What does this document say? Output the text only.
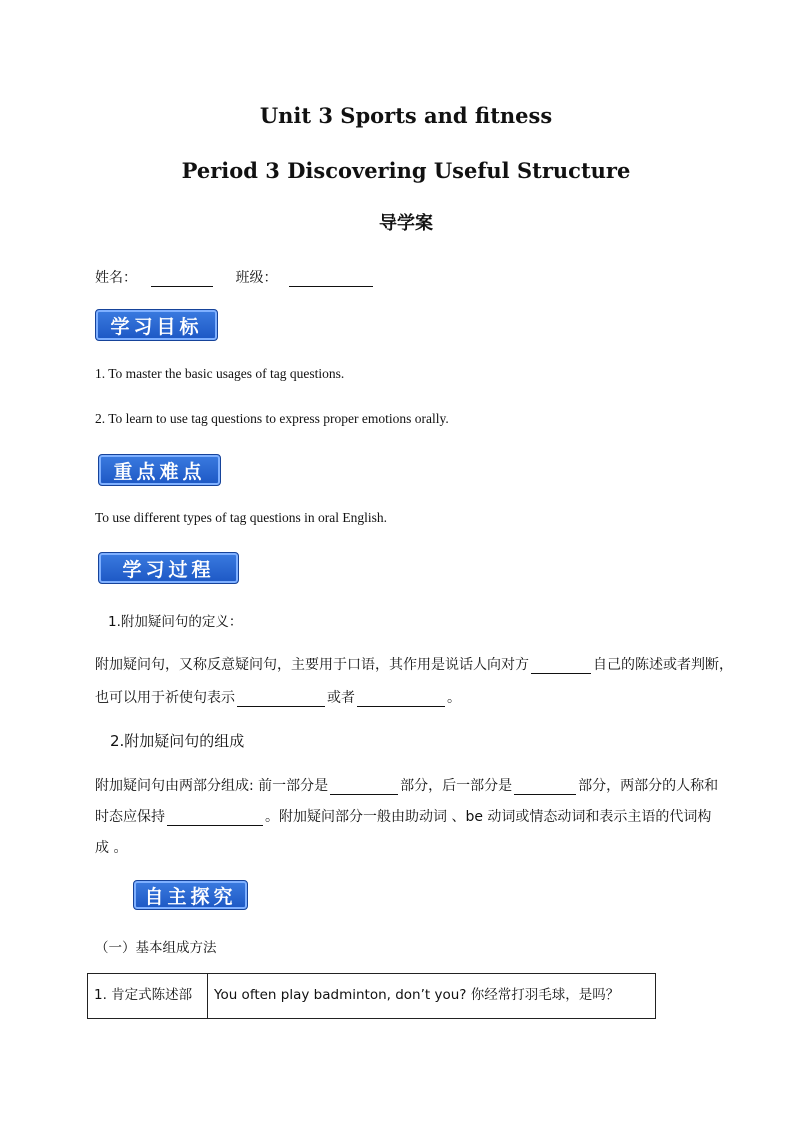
Unit 3 Sports and fitness
Period 3 Discovering Useful Structure
导学案
姓名：	班级：
学习目标
1. To master the basic usages of tag questions.
2. To learn to use tag questions to express proper emotions orally.
重点难点
To use different types of tag questions in oral English.
学习过程
1.附加疑问句的定义：
附加疑问句，又称反意疑问句，主要用于口语，其作用是说话人向对方	自己的陈述或者判断，
也可以用于祈使句表示	或者	。
2.附加疑问句的组成
附加疑问句由两部分组成: 前一部分是	部分，后一部分是	部分，两部分的人称和
时态应保持	。附加疑问部分一般由助动词 、be 动词或情态动词和表示主语的代词构
成 。
自主探究
（一）基本组成方法
1. 肯定式陈述部	You often play badminton, don’t you? 你经常打羽毛球，是吗？
